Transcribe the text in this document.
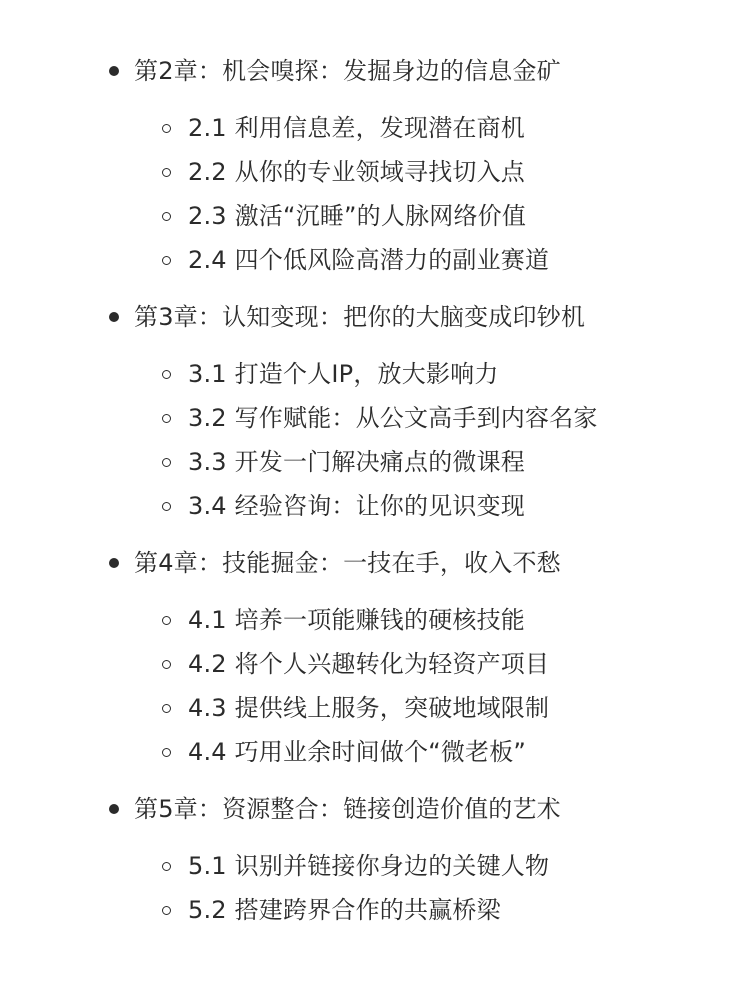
第2章：机会嗅探：发掘身边的信息金矿
2.1 利用信息差，发现潜在商机
2.2 从你的专业领域寻找切入点
2.3 激活“沉睡”的人脉网络价值
2.4 四个低风险高潜力的副业赛道
第3章：认知变现：把你的大脑变成印钞机
3.1 打造个人IP，放大影响力
3.2 写作赋能：从公文高手到内容名家
3.3 开发一门解决痛点的微课程
3.4 经验咨询：让你的见识变现
第4章：技能掘金：一技在手，收入不愁
4.1 培养一项能赚钱的硬核技能
4.2 将个人兴趣转化为轻资产项目
4.3 提供线上服务，突破地域限制
4.4 巧用业余时间做个“微老板”
第5章：资源整合：链接创造价值的艺术
5.1 识别并链接你身边的关键人物
5.2 搭建跨界合作的共赢桥梁
